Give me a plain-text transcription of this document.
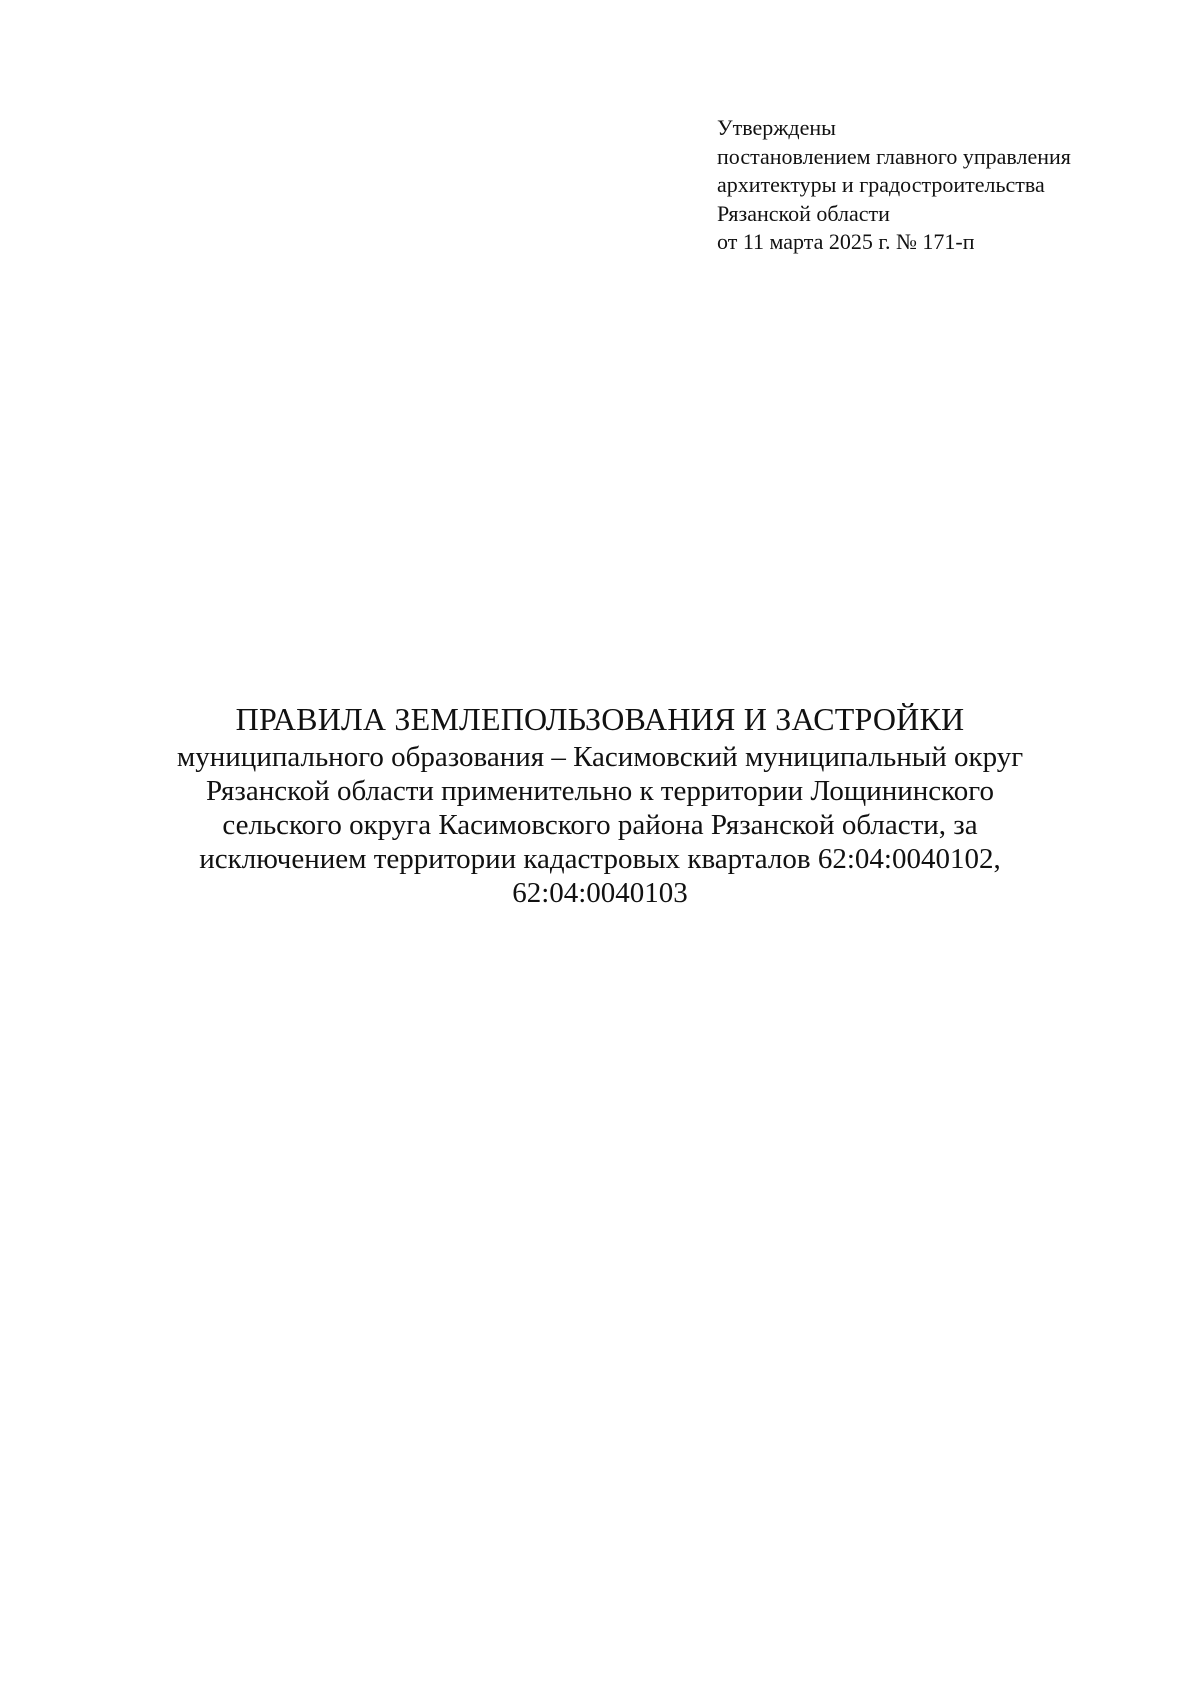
Утверждены
постановлением главного управления
архитектуры и градостроительства
Рязанской области
от 11 марта 2025 г. № 171-п
ПРАВИЛА ЗЕМЛЕПОЛЬЗОВАНИЯ И ЗАСТРОЙКИ
муниципального образования – Касимовский муниципальный округ
Рязанской области применительно к территории Лощининского
сельского округа Касимовского района Рязанской области, за
исключением территории кадастровых кварталов 62:04:0040102,
62:04:0040103
